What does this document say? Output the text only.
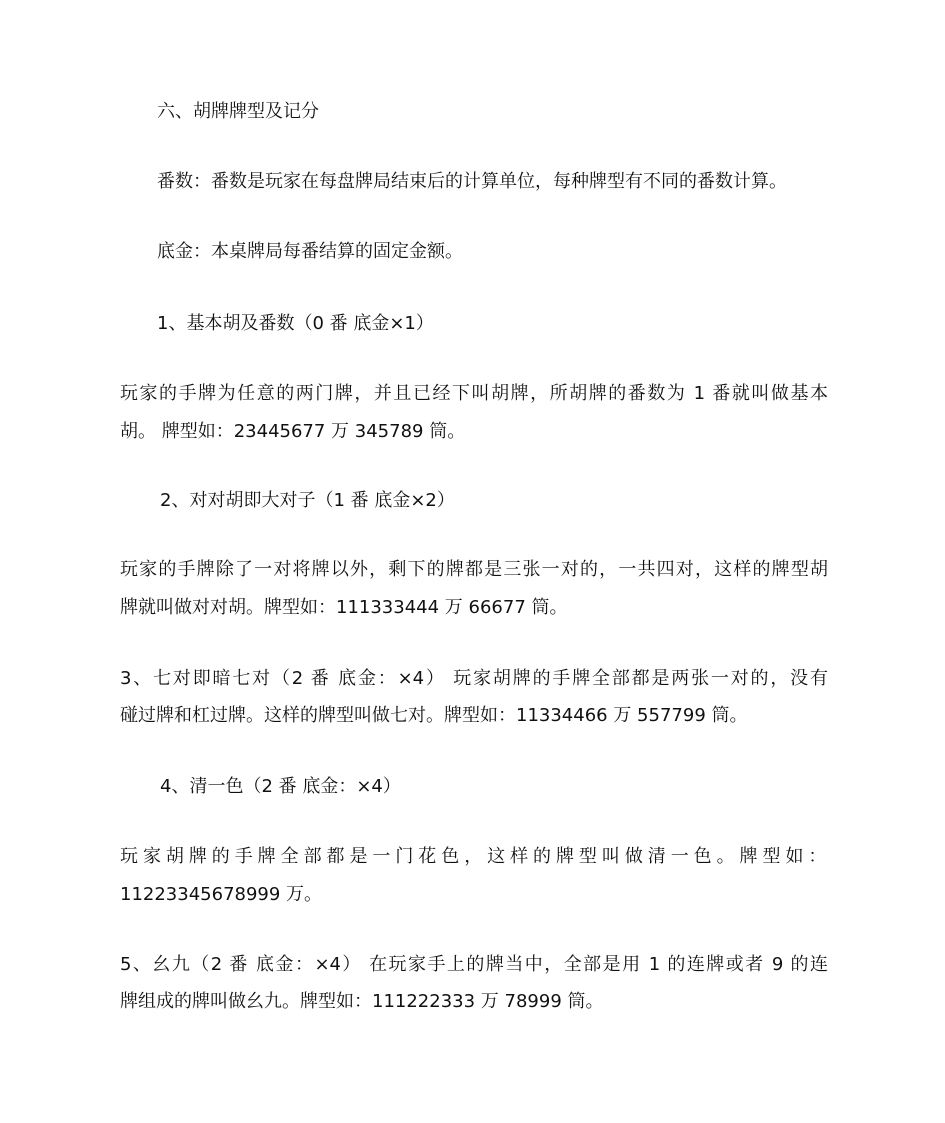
六、胡牌牌型及记分
番数：番数是玩家在每盘牌局结束后的计算单位，每种牌型有不同的番数计算。
底金：本桌牌局每番结算的固定金额。
1、基本胡及番数（0 番 底金×1）
玩家的手牌为任意的两门牌，并且已经下叫胡牌，所胡牌的番数为 1 番就叫做基本
胡。 牌型如：23445677 万 345789 筒。
2、对对胡即大对子（1 番 底金×2）
玩家的手牌除了一对将牌以外，剩下的牌都是三张一对的，一共四对，这样的牌型胡
牌就叫做对对胡。牌型如：111333444 万 66677 筒。
3、七对即暗七对（2 番 底金：×4） 玩家胡牌的手牌全部都是两张一对的，没有
碰过牌和杠过牌。这样的牌型叫做七对。牌型如：11334466 万 557799 筒。
4、清一色（2 番 底金：×4）
玩家胡牌的手牌全部都是一门花色，这样的牌型叫做清一色。牌型如：
11223345678999 万。
5、幺九（2 番 底金：×4） 在玩家手上的牌当中，全部是用 1 的连牌或者 9 的连
牌组成的牌叫做幺九。牌型如：111222333 万 78999 筒。
